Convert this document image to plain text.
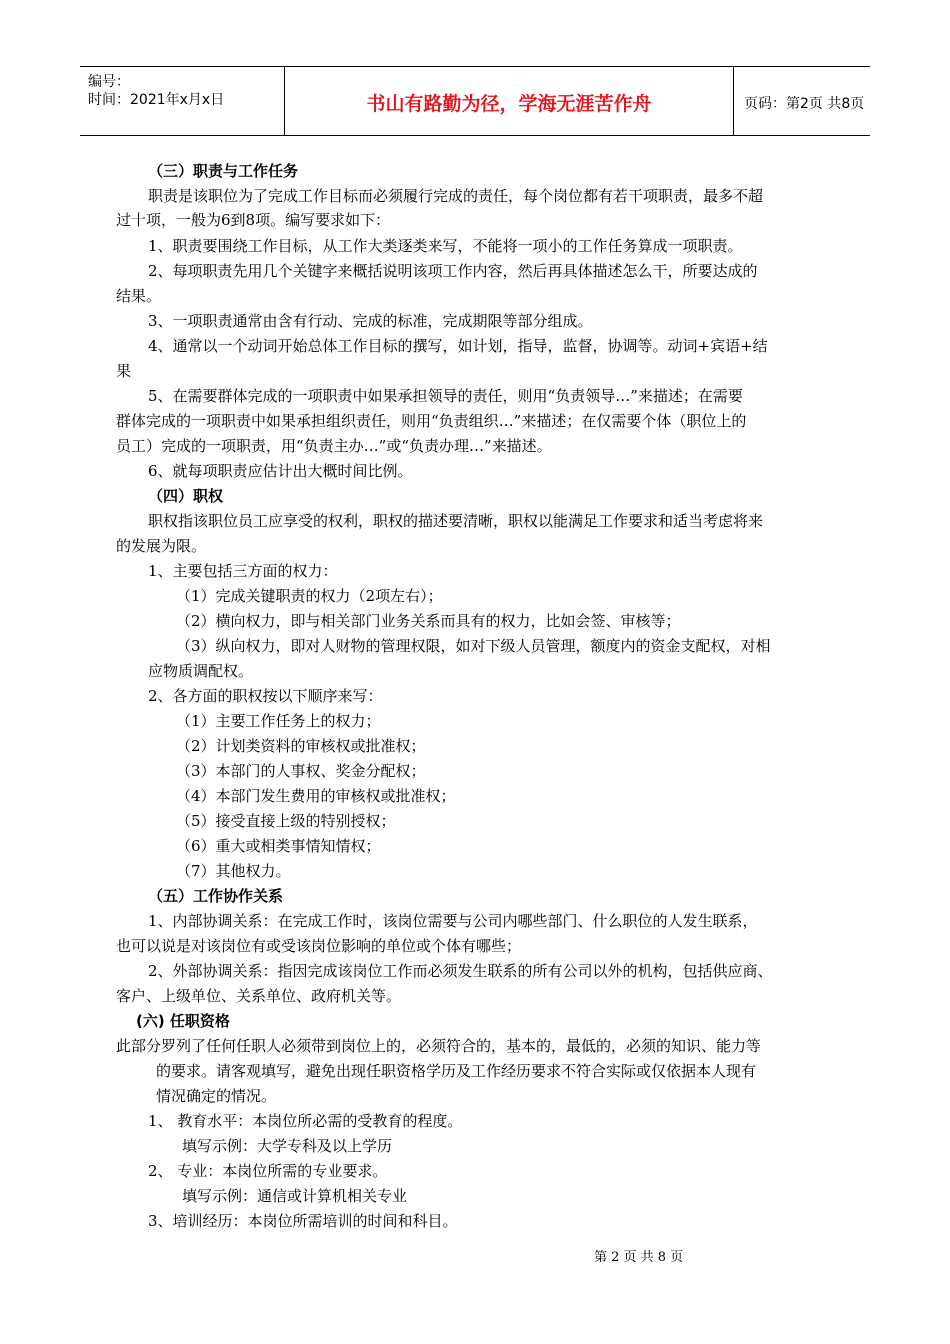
编号：
时间：2021年x月x日	书山有路勤为径，学海无涯苦作舟	页码：第2页 共8页
（三）职责与工作任务
职责是该职位为了完成工作目标而必须履行完成的责任，每个岗位都有若干项职责，最多不超
过十项，一般为6到8项。编写要求如下：
1、职责要围绕工作目标，从工作大类逐类来写，不能将一项小的工作任务算成一项职责。
2、每项职责先用几个关键字来概括说明该项工作内容，然后再具体描述怎么干，所要达成的
结果。
3、一项职责通常由含有行动、完成的标准，完成期限等部分组成。
4、通常以一个动词开始总体工作目标的撰写，如计划，指导，监督，协调等。动词+宾语+结
果
5、在需要群体完成的一项职责中如果承担领导的责任，则用“负责领导…”来描述；在需要
群体完成的一项职责中如果承担组织责任，则用“负责组织…”来描述；在仅需要个体（职位上的
员工）完成的一项职责，用“负责主办…”或“负责办理…”来描述。
6、就每项职责应估计出大概时间比例。
（四）职权
职权指该职位员工应享受的权利，职权的描述要清晰，职权以能满足工作要求和适当考虑将来
的发展为限。
1、主要包括三方面的权力：
（1）完成关键职责的权力（2项左右）；
（2）横向权力，即与相关部门业务关系而具有的权力，比如会签、审核等；
（3）纵向权力，即对人财物的管理权限，如对下级人员管理，额度内的资金支配权，对相
应物质调配权。
2、各方面的职权按以下顺序来写：
（1）主要工作任务上的权力；
（2）计划类资料的审核权或批准权；
（3）本部门的人事权、奖金分配权；
（4）本部门发生费用的审核权或批准权；
（5）接受直接上级的特别授权；
（6）重大或相类事情知情权；
（7）其他权力。
（五）工作协作关系
1、内部协调关系：在完成工作时，该岗位需要与公司内哪些部门、什么职位的人发生联系，
也可以说是对该岗位有或受该岗位影响的单位或个体有哪些；
2、外部协调关系：指因完成该岗位工作而必须发生联系的所有公司以外的机构，包括供应商、
客户、上级单位、关系单位、政府机关等。
(六) 任职资格
此部分罗列了任何任职人必须带到岗位上的，必须符合的，基本的，最低的，必须的知识、能力等
的要求。请客观填写，避免出现任职资格学历及工作经历要求不符合实际或仅依据本人现有
情况确定的情况。
1、 教育水平：本岗位所必需的受教育的程度。
填写示例：大学专科及以上学历
2、 专业：本岗位所需的专业要求。
填写示例：通信或计算机相关专业
3、培训经历：本岗位所需培训的时间和科目。
第 2 页 共 8 页
